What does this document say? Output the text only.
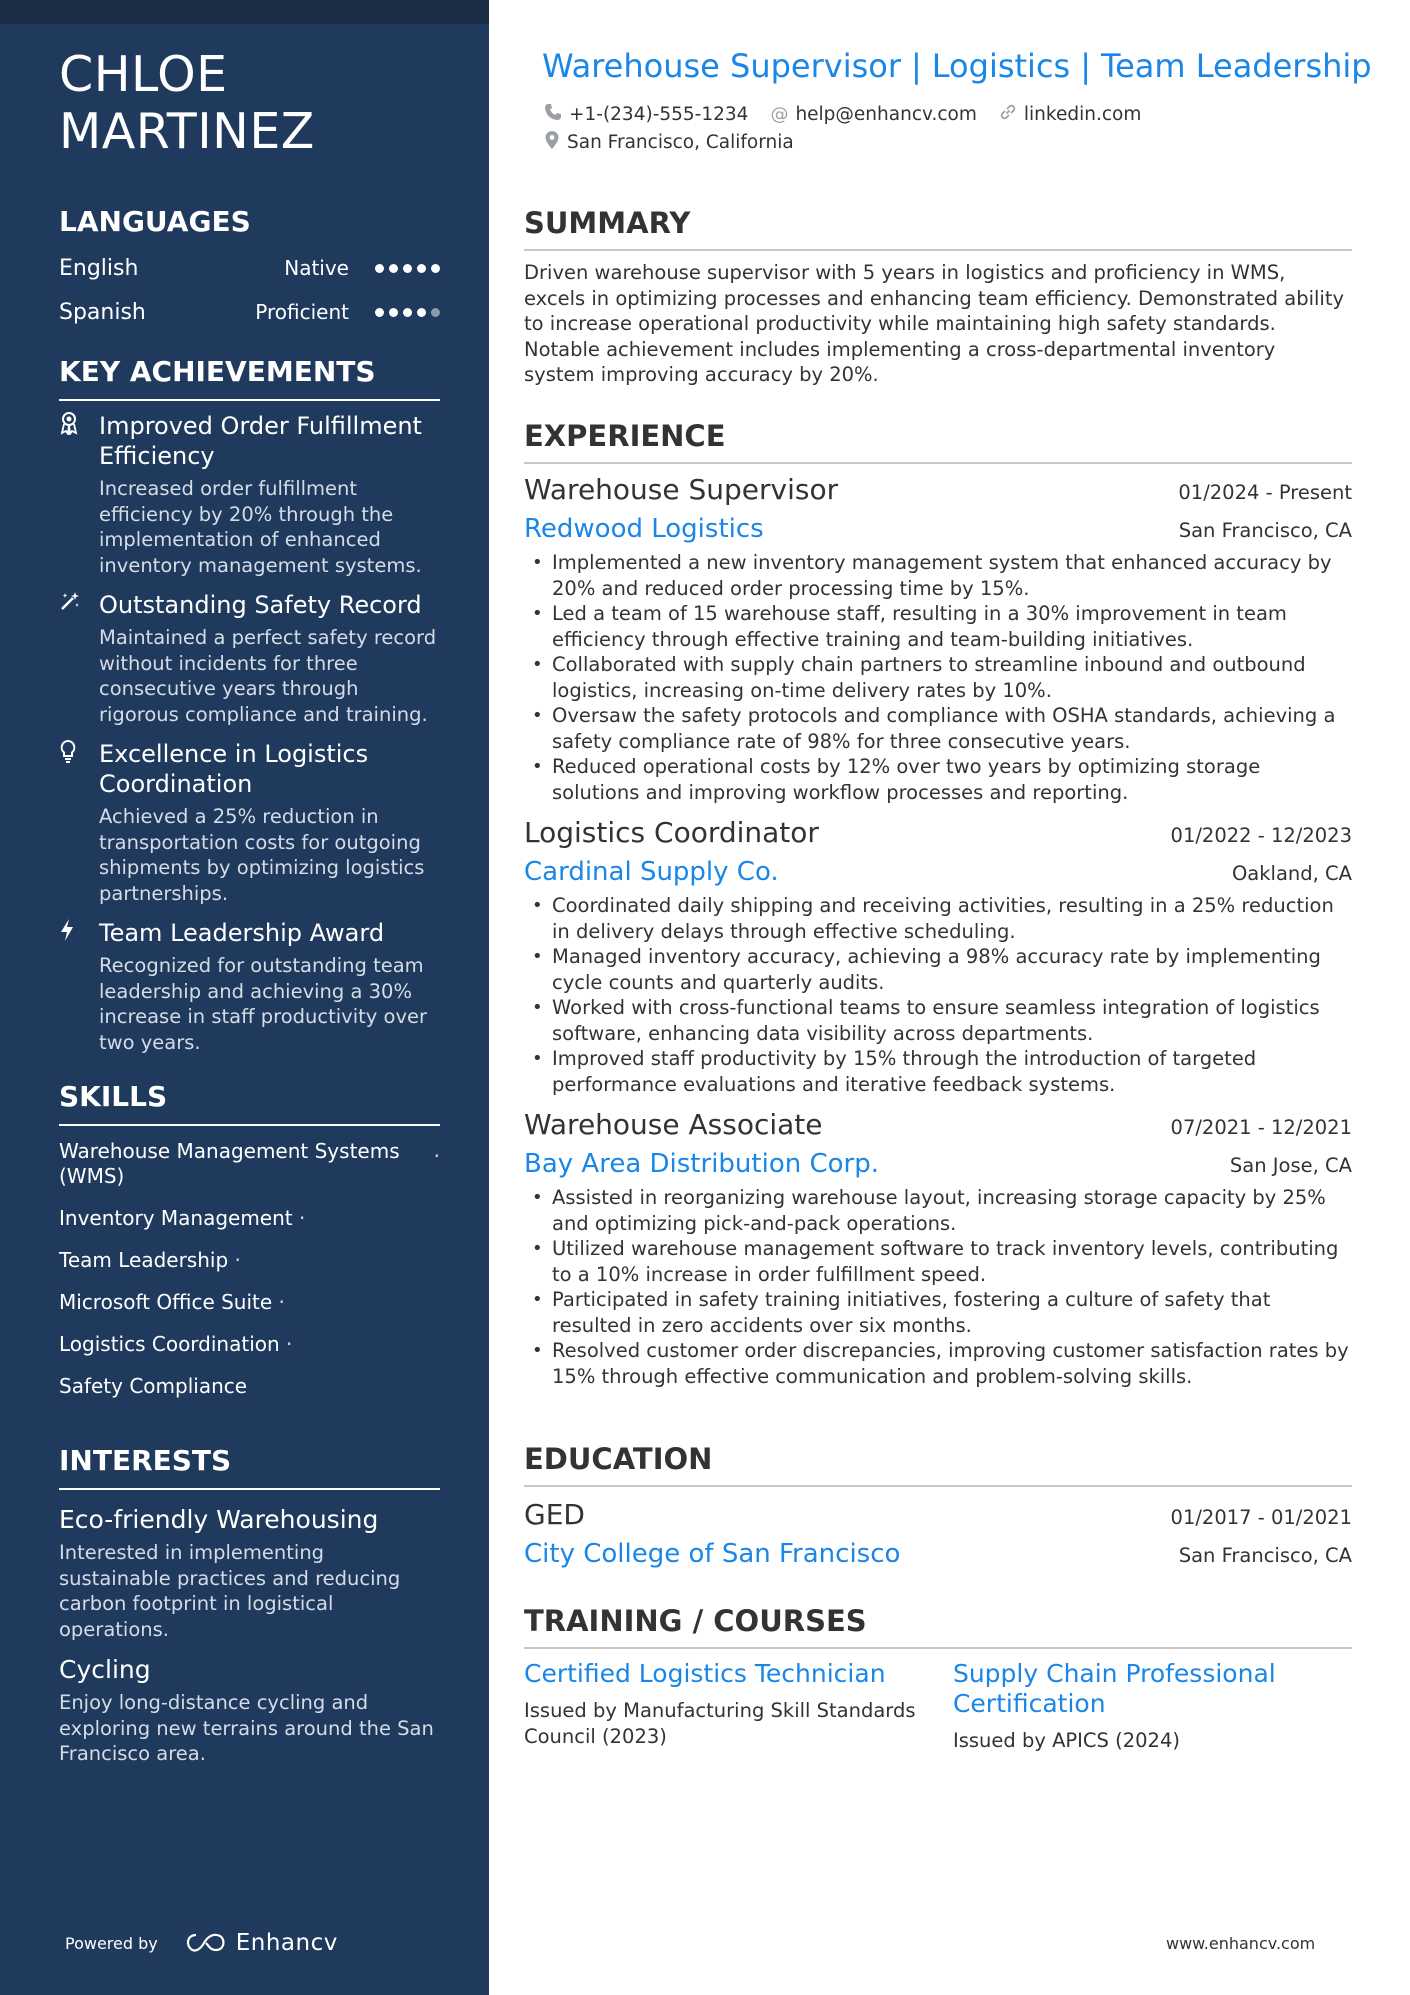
CHLOE
MARTINEZ
LANGUAGES
English	Native
Spanish	Proficient
KEY ACHIEVEMENTS
Improved Order Fulfillment Efficiency
Increased order fulfillment efficiency by 20% through the implementation of enhanced inventory management systems.
Outstanding Safety Record
Maintained a perfect safety record without incidents for three consecutive years through rigorous compliance and training.
Excellence in Logistics Coordination
Achieved a 25% reduction in transportation costs for outgoing shipments by optimizing logistics partnerships.
Team Leadership Award
Recognized for outstanding team leadership and achieving a 30% increase in staff productivity over two years.
SKILLS
Warehouse Management Systems (WMS)
·
Inventory Management ·
Team Leadership ·
Microsoft Office Suite ·
Logistics Coordination ·
Safety Compliance
INTERESTS
Eco-friendly Warehousing
Interested in implementing sustainable practices and reducing carbon footprint in logistical operations.
Cycling
Enjoy long-distance cycling and exploring new terrains around the San Francisco area.
Powered by	Enhancv
Warehouse Supervisor | Logistics | Team Leadership
+1-(234)-555-1234 @ help@enhancv.com	linkedin.com
San Francisco, California
SUMMARY

Driven warehouse supervisor with 5 years in logistics and proficiency in WMS, excels in optimizing processes and enhancing team efficiency. Demonstrated ability to increase operational productivity while maintaining high safety standards. Notable achievement includes implementing a cross-departmental inventory system improving accuracy by 20%.

EXPERIENCE
Warehouse Supervisor	01/2024 - Present
Redwood Logistics	San Francisco, CA
• Implemented a new inventory management system that enhanced accuracy by 20% and reduced order processing time by 15%.
• Led a team of 15 warehouse staff, resulting in a 30% improvement in team efficiency through effective training and team-building initiatives.
• Collaborated with supply chain partners to streamline inbound and outbound logistics, increasing on-time delivery rates by 10%.
• Oversaw the safety protocols and compliance with OSHA standards, achieving a safety compliance rate of 98% for three consecutive years.
• Reduced operational costs by 12% over two years by optimizing storage solutions and improving workflow processes and reporting.
Logistics Coordinator	01/2022 - 12/2023
Cardinal Supply Co.	Oakland, CA
• Coordinated daily shipping and receiving activities, resulting in a 25% reduction in delivery delays through effective scheduling.
• Managed inventory accuracy, achieving a 98% accuracy rate by implementing cycle counts and quarterly audits.
• Worked with cross-functional teams to ensure seamless integration of logistics software, enhancing data visibility across departments.
• Improved staff productivity by 15% through the introduction of targeted performance evaluations and iterative feedback systems.
Warehouse Associate	07/2021 - 12/2021
Bay Area Distribution Corp.	San Jose, CA
• Assisted in reorganizing warehouse layout, increasing storage capacity by 25% and optimizing pick-and-pack operations.
• Utilized warehouse management software to track inventory levels, contributing to a 10% increase in order fulfillment speed.
• Participated in safety training initiatives, fostering a culture of safety that resulted in zero accidents over six months.
• Resolved customer order discrepancies, improving customer satisfaction rates by 15% through effective communication and problem-solving skills.
EDUCATION
GED	01/2017 - 01/2021
City College of San Francisco	San Francisco, CA
TRAINING / COURSES
Certified Logistics Technician
Issued by Manufacturing Skill Standards Council (2023)
Supply Chain Professional Certification
Issued by APICS (2024)
www.enhancv.com
